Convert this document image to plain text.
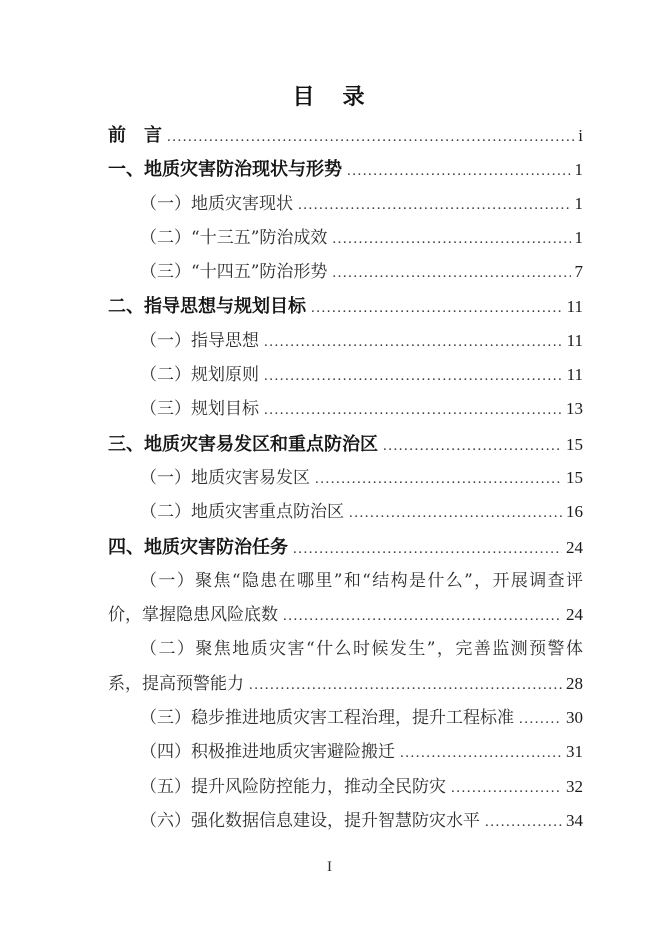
目　录
前　言 .....	i
一、地质灾害防治现状与形势 .....	1
（一）地质灾害现状 .....	1
（二）“十三五”防治成效 .....	1
（三）“十四五”防治形势 .....	7
二、指导思想与规划目标 .....	11
（一）指导思想 .....	11
（二）规划原则 .....	11
（三）规划目标 .....	13
三、地质灾害易发区和重点防治区 .....	15
（一）地质灾害易发区 .....	15
（二）地质灾害重点防治区 .....	16
四、地质灾害防治任务 .....	24
（一）聚焦“隐患在哪里”和“结构是什么”，开展调查评
价，掌握隐患风险底数 .....	24
（二）聚焦地质灾害“什么时候发生”，完善监测预警体
系，提高预警能力 .....	28
（三）稳步推进地质灾害工程治理，提升工程标准 .....	30
（四）积极推进地质灾害避险搬迁 .....	31
（五）提升风险防控能力，推动全民防灾 .....	32
（六）强化数据信息建设，提升智慧防灾水平 .....	34
I
